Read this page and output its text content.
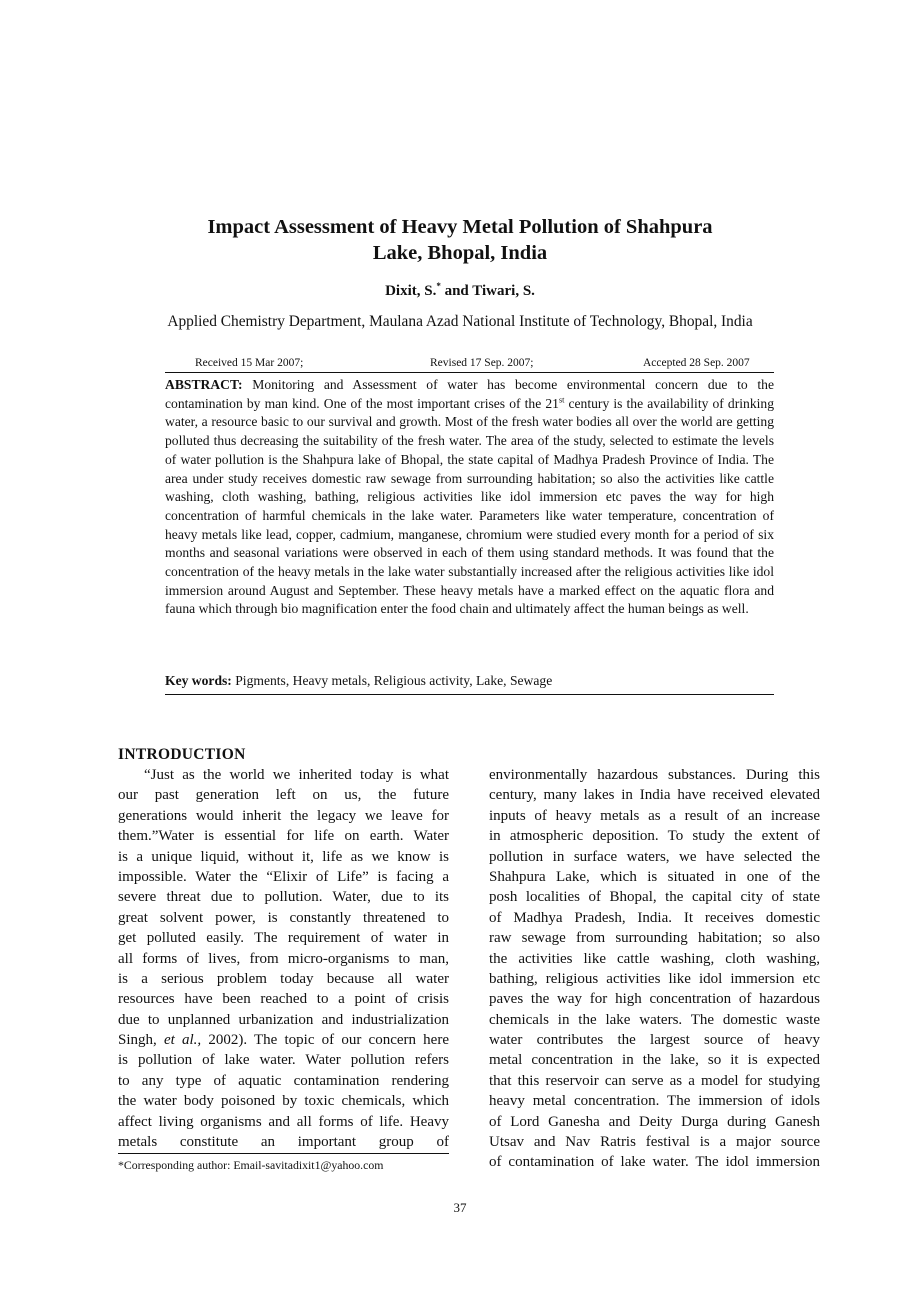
Impact Assessment of Heavy Metal Pollution of Shahpura
Lake, Bhopal, India
Dixit, S.* and Tiwari, S.
Applied Chemistry Department, Maulana Azad National Institute of Technology, Bhopal, India
Received 15 Mar 2007;	Revised 17 Sep. 2007;	Accepted 28 Sep. 2007
ABSTRACT: Monitoring and Assessment of water has become environmental concern due to the contamination by man kind. One of the most important crises of the 21st century is the availability of drinking water, a resource basic to our survival and growth. Most of the fresh water bodies all over the world are getting polluted thus decreasing the suitability of the fresh water. The area of the study, selected to estimate the levels of water pollution is the Shahpura lake of Bhopal, the state capital of Madhya Pradesh Province of India. The area under study receives domestic raw sewage from surrounding habitation; so also the activities like cattle washing, cloth washing, bathing, religious activities like idol immersion etc paves the way for high concentration of harmful chemicals in the lake water. Parameters like water temperature, concentration of heavy metals like lead, copper, cadmium, manganese, chromium were studied every month for a period of six months and seasonal variations were observed in each of them using standard methods. It was found that the concentration of the heavy metals in the lake water substantially increased after the religious activities like idol immersion around August and September. These heavy metals have a marked effect on the aquatic flora and fauna which through bio magnification enter the food chain and ultimately affect the human beings as well.
Key words: Pigments, Heavy metals, Religious activity, Lake, Sewage
INTRODUCTION
“Just as the world we inherited today is what
our past generation left on us, the future
generations would inherit the legacy we leave for
them.”Water is essential for life on earth. Water
is a unique liquid, without it, life as we know is
impossible. Water the “Elixir of Life” is facing a
severe threat due to pollution. Water, due to its
great solvent power, is constantly threatened to
get polluted easily. The requirement of water in
all forms of lives, from micro-organisms to man,
is a serious problem today because all water
resources have been reached to a point of crisis
due to unplanned urbanization and industrialization
Singh, et al., 2002). The topic of our concern here
is pollution of lake water. Water pollution refers
to any type of aquatic contamination rendering
the water body poisoned by toxic chemicals, which
affect living organisms and all forms of life. Heavy
metals constitute an important group of
environmentally hazardous substances. During this
century, many lakes in India have received elevated
inputs of heavy metals as a result of an increase
in atmospheric deposition. To study the extent of
pollution in surface waters, we have selected the
Shahpura Lake, which is situated in one of the
posh localities of Bhopal, the capital city of state
of Madhya Pradesh, India. It receives domestic
raw sewage from surrounding habitation; so also
the activities like cattle washing, cloth washing,
bathing, religious activities like idol immersion etc
paves the way for high concentration of hazardous
chemicals in the lake waters. The domestic waste
water contributes the largest source of heavy
metal concentration in the lake, so it is expected
that this reservoir can serve as a model for studying
heavy metal concentration. The immersion of idols
of Lord Ganesha and Deity Durga during Ganesh
Utsav and Nav Ratris festival is a major source
of contamination of lake water. The idol immersion
*Corresponding author: Email-savitadixit1@yahoo.com
37
